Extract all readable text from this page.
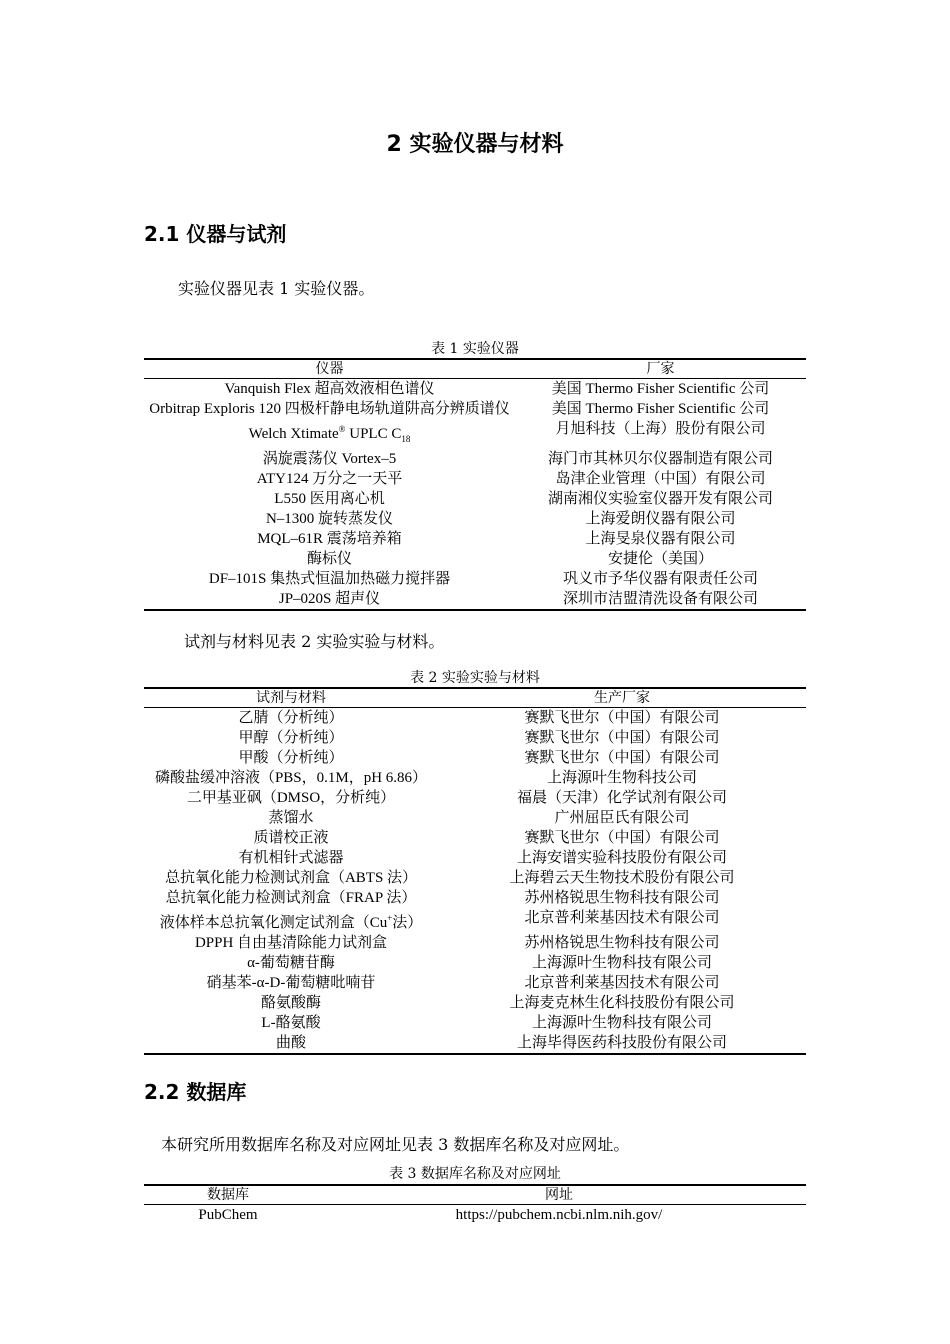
2 实验仪器与材料
2.1 仪器与试剂
实验仪器见表 1 实验仪器。
表 1 实验仪器
仪器	厂家
Vanquish Flex 超高效液相色谱仪	美国 Thermo Fisher Scientific 公司
Orbitrap Exploris 120 四极杆静电场轨道阱高分辨质谱仪	美国 Thermo Fisher Scientific 公司
Welch Xtimate® UPLC $C_{18}$	月旭科技（上海）股份有限公司
涡旋震荡仪 Vortex–5	海门市其林贝尔仪器制造有限公司
ATY124 万分之一天平	岛津企业管理（中国）有限公司
L550 医用离心机	湖南湘仪实验室仪器开发有限公司
N–1300 旋转蒸发仪	上海爱朗仪器有限公司
MQL–61R 震荡培养箱	上海旻泉仪器有限公司
酶标仪	安捷伦（美国）
DF–101S 集热式恒温加热磁力搅拌器	巩义市予华仪器有限责任公司
JP–020S 超声仪	深圳市洁盟清洗设备有限公司
试剂与材料见表 2 实验实验与材料。
表 2 实验实验与材料
试剂与材料	生产厂家
乙腈（分析纯）	赛默飞世尔（中国）有限公司
甲醇（分析纯）	赛默飞世尔（中国）有限公司
甲酸（分析纯）	赛默飞世尔（中国）有限公司
磷酸盐缓冲溶液（PBS，0.1M，pH 6.86）	上海源叶生物科技公司
二甲基亚砜（DMSO，分析纯）	福晨（天津）化学试剂有限公司
蒸馏水	广州屈臣氏有限公司
质谱校正液	赛默飞世尔（中国）有限公司
有机相针式滤器	上海安谱实验科技股份有限公司
总抗氧化能力检测试剂盒（ABTS 法）	上海碧云天生物技术股份有限公司
总抗氧化能力检测试剂盒（FRAP 法）	苏州格锐思生物科技有限公司
液体样本总抗氧化测定试剂盒（Cu+法）	北京普利莱基因技术有限公司
DPPH 自由基清除能力试剂盒	苏州格锐思生物科技有限公司
α-葡萄糖苷酶	上海源叶生物科技有限公司
硝基苯-α-D-葡萄糖吡喃苷	北京普利莱基因技术有限公司
酪氨酸酶	上海麦克林生化科技股份有限公司
L-酪氨酸	上海源叶生物科技有限公司
曲酸	上海毕得医药科技股份有限公司
2.2 数据库
本研究所用数据库名称及对应网址见表 3 数据库名称及对应网址。
表 3 数据库名称及对应网址
数据库	网址
PubChem	https://pubchem.ncbi.nlm.nih.gov/
